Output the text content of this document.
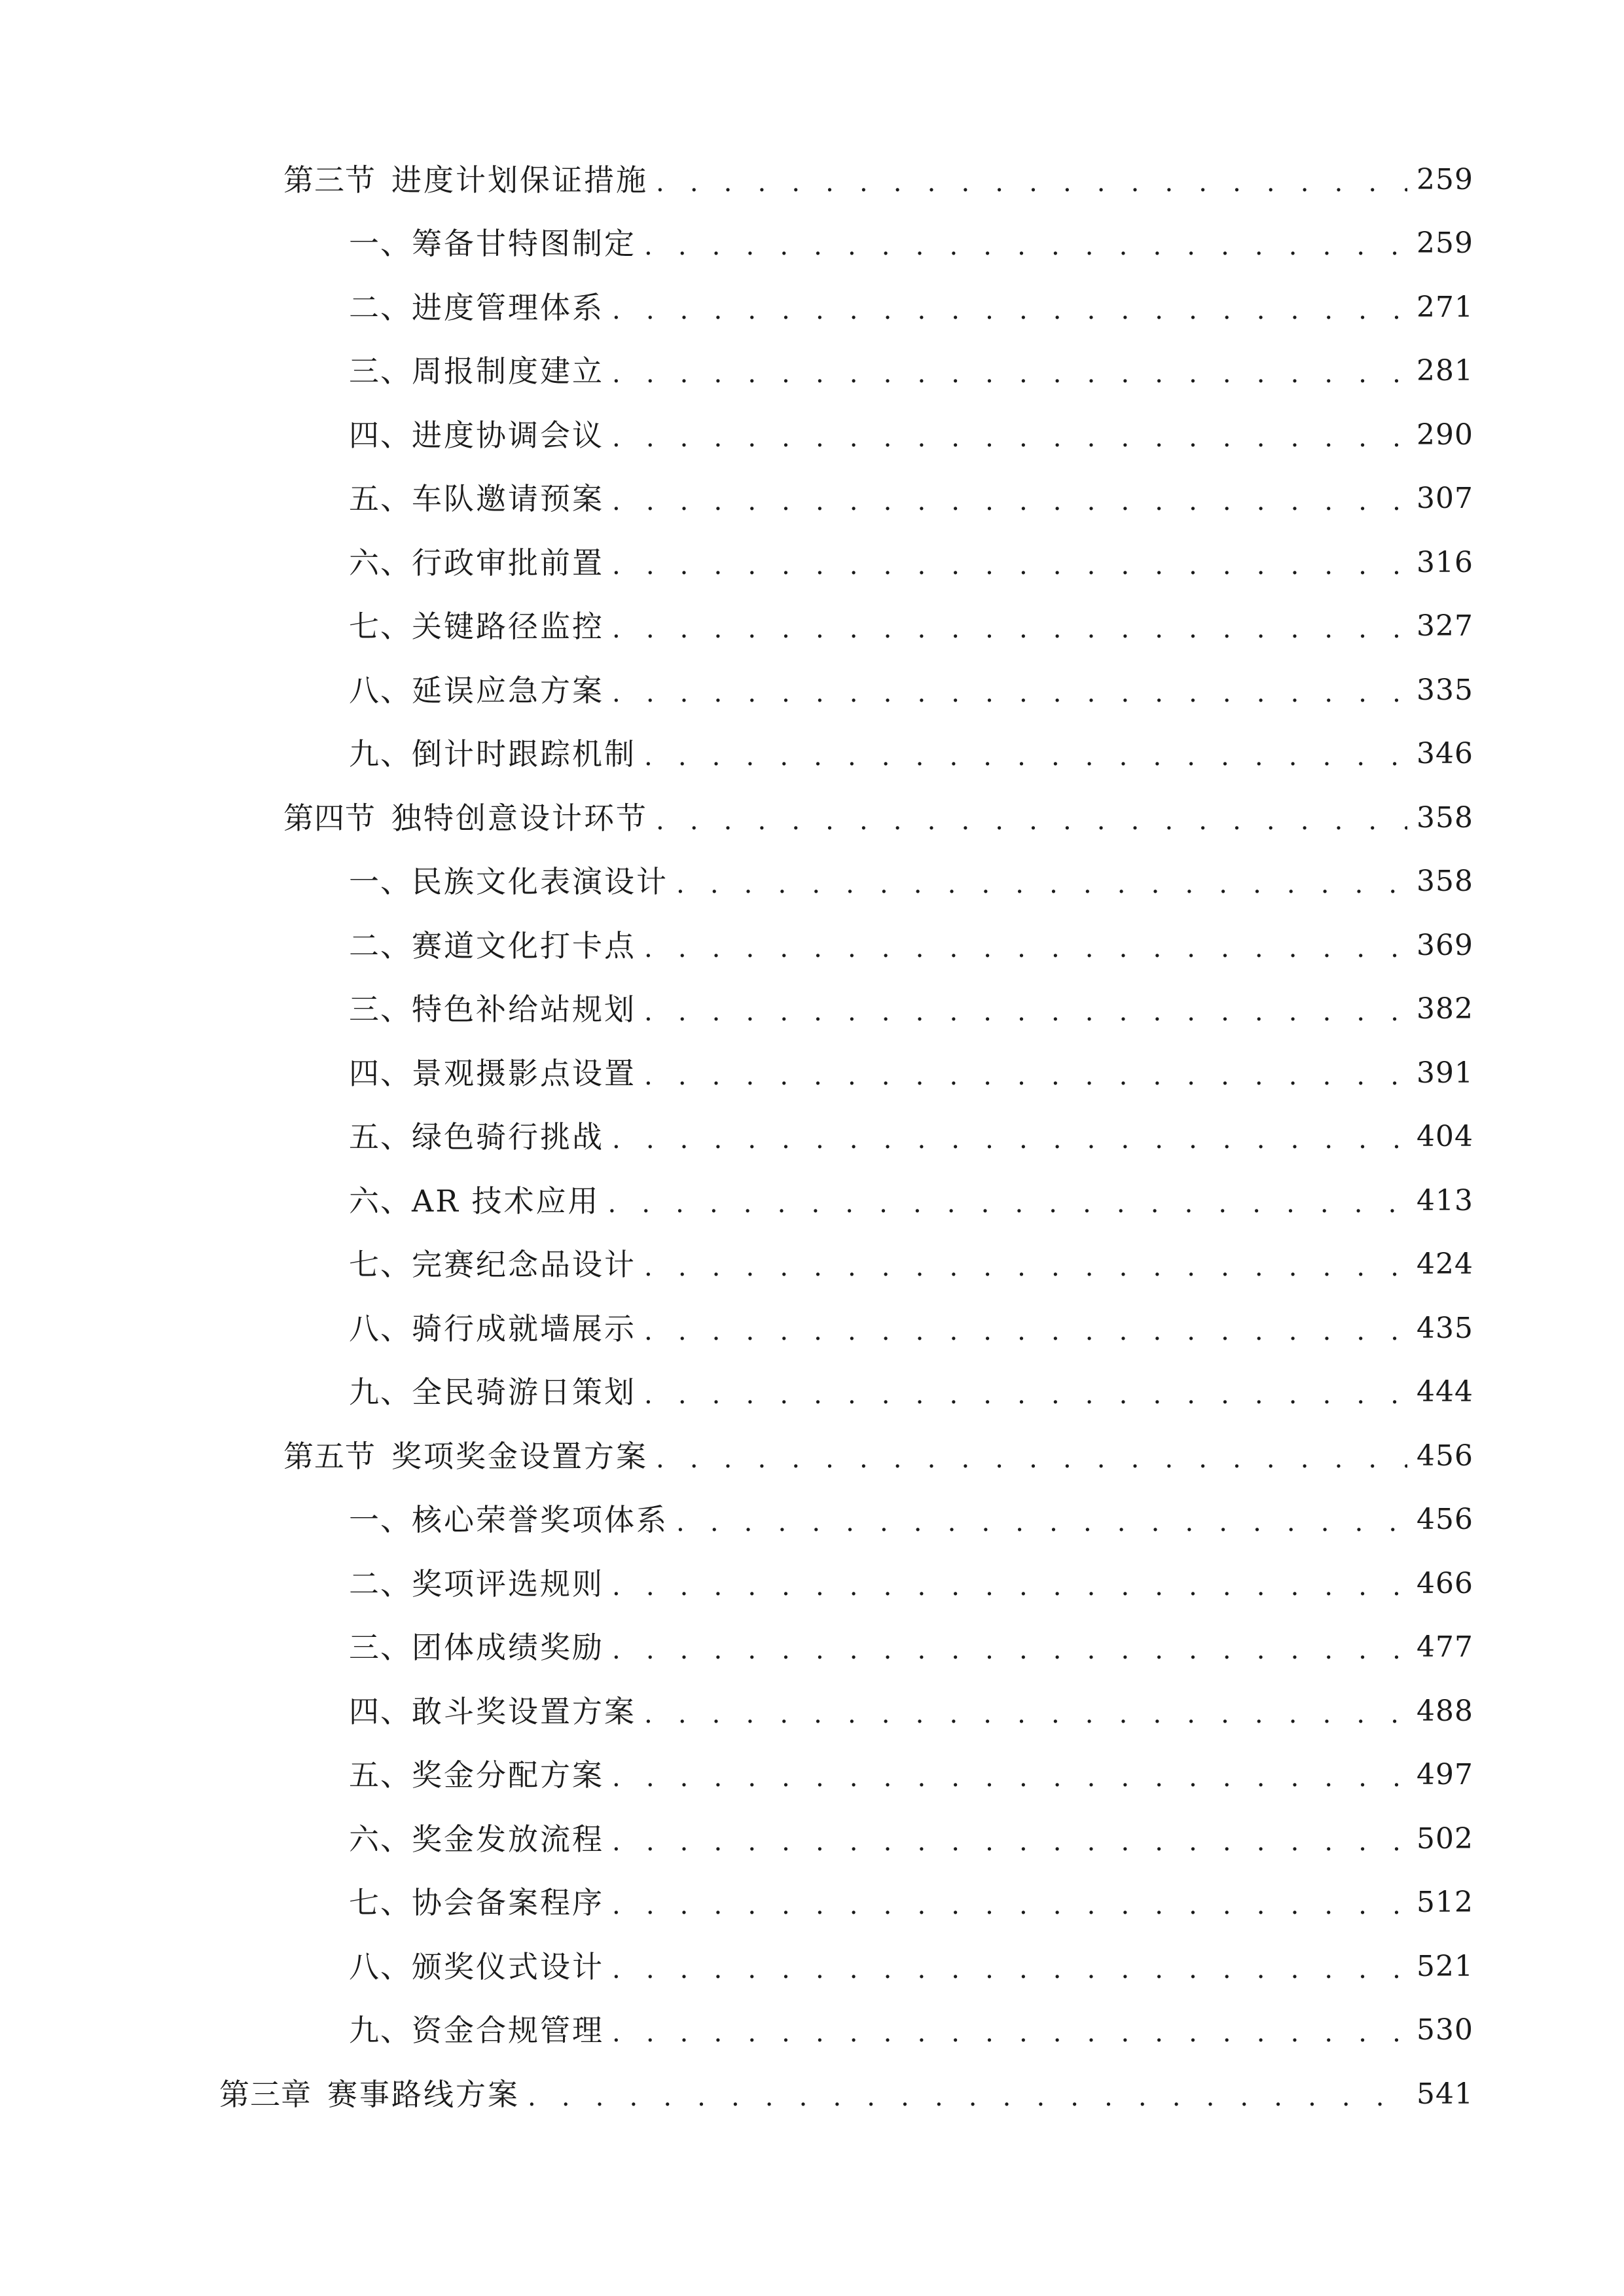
第三节 进度计划保证措施 . . .	259
一、 筹备甘特图制定 . . .	259
二、 进度管理体系 . . .	271
三、 周报制度建立 . . .	281
四、 进度协调会议 . . .	290
五、 车队邀请预案 . . .	307
六、 行政审批前置 . . .	316
七、 关键路径监控 . . .	327
八、 延误应急方案 . . .	335
九、 倒计时跟踪机制 . . .	346
第四节 独特创意设计环节 . . .	358
一、 民族文化表演设计 . . .	358
二、 赛道文化打卡点 . . .	369
三、 特色补给站规划 . . .	382
四、 景观摄影点设置 . . .	391
五、 绿色骑行挑战 . . .	404
六、 AR 技术应用 . . .	413
七、 完赛纪念品设计 . . .	424
八、 骑行成就墙展示 . . .	435
九、 全民骑游日策划 . . .	444
第五节 奖项奖金设置方案 . . .	456
一、 核心荣誉奖项体系 . . .	456
二、 奖项评选规则 . . .	466
三、 团体成绩奖励 . . .	477
四、 敢斗奖设置方案 . . .	488
五、 奖金分配方案 . . .	497
六、 奖金发放流程 . . .	502
七、 协会备案程序 . . .	512
八、 颁奖仪式设计 . . .	521
九、 资金合规管理 . . .	530
第三章 赛事路线方案 . . .	541
